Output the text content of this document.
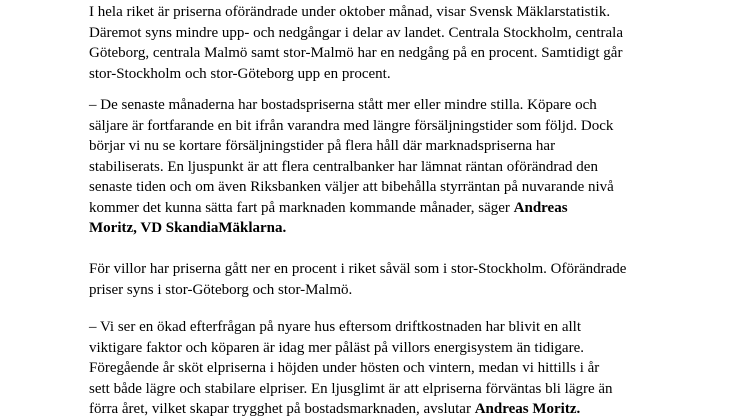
I hela riket är priserna oförändrade under oktober månad, visar Svensk Mäklarstatistik.
Däremot syns mindre upp- och nedgångar i delar av landet. Centrala Stockholm, centrala
Göteborg, centrala Malmö samt stor-Malmö har en nedgång på en procent. Samtidigt går
stor-Stockholm och stor-Göteborg upp en procent.

– De senaste månaderna har bostadspriserna stått mer eller mindre stilla. Köpare och
säljare är fortfarande en bit ifrån varandra med längre försäljningstider som följd. Dock
börjar vi nu se kortare försäljningstider på flera håll där marknadspriserna har
stabiliserats. En ljuspunkt är att flera centralbanker har lämnat räntan oförändrad den
senaste tiden och om även Riksbanken väljer att bibehålla styrräntan på nuvarande nivå
kommer det kunna sätta fart på marknaden kommande månader, säger Andreas
Moritz, VD SkandiaMäklarna.

För villor har priserna gått ner en procent i riket såväl som i stor-Stockholm. Oförändrade
priser syns i stor-Göteborg och stor-Malmö.

– Vi ser en ökad efterfrågan på nyare hus eftersom driftkostnaden har blivit en allt
viktigare faktor och köparen är idag mer påläst på villors energisystem än tidigare.
Föregående år sköt elpriserna i höjden under hösten och vintern, medan vi hittills i år
sett både lägre och stabilare elpriser. En ljusglimt är att elpriserna förväntas bli lägre än
förra året, vilket skapar trygghet på bostadsmarknaden, avslutar Andreas Moritz.
